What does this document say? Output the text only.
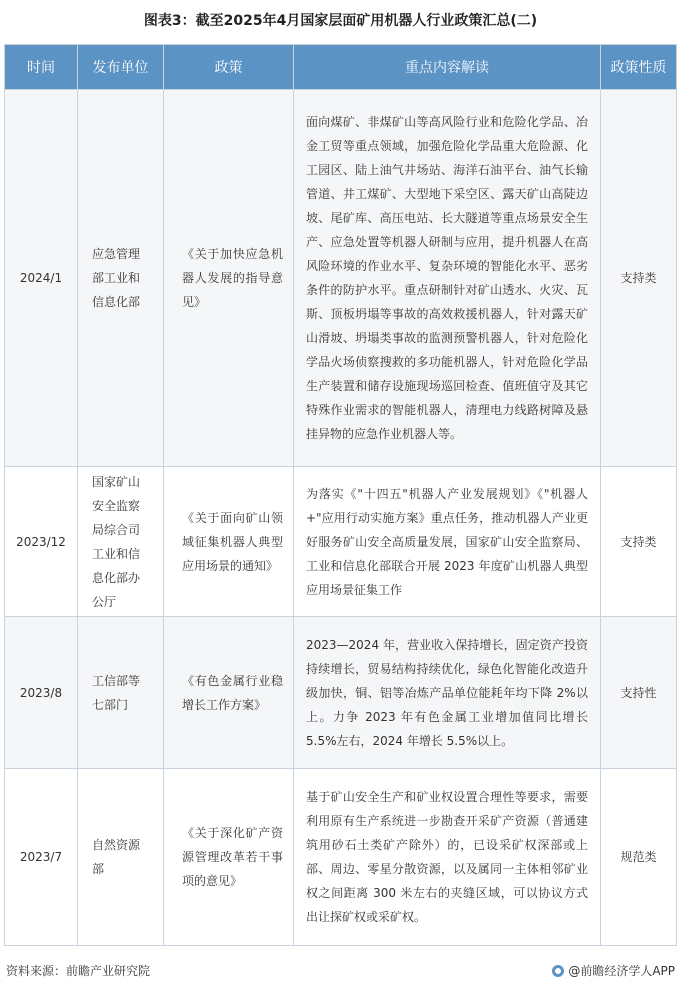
图表3：截至2025年4月国家层面矿用机器人行业政策汇总(二)
时间	发布单位	政策	重点内容解读	政策性质
2024/1	应急管理部工业和信息化部	《关于加快应急机器人发展的指导意见》	面向煤矿、非煤矿山等高风险行业和危险化学品、冶金工贸等重点领域，加强危险化学品重大危险源、化工园区、陆上油气井场站、海洋石油平台、油气长输管道、井工煤矿、大型地下采空区、露天矿山高陡边坡、尾矿库、高压电站、长大隧道等重点场景安全生产、应急处置等机器人研制与应用，提升机器人在高风险环境的作业水平、复杂环境的智能化水平、恶劣条件的防护水平。重点研制针对矿山透水、火灾、瓦斯、顶板坍塌等事故的高效救援机器人，针对露天矿山滑坡、坍塌类事故的监测预警机器人，针对危险化学品火场侦察搜救的多功能机器人，针对危险化学品生产装置和储存设施现场巡回检查、值班值守及其它特殊作业需求的智能机器人，清理电力线路树障及悬挂异物的应急作业机器人等。	支持类
2023/12	国家矿山安全监察局综合司工业和信息化部办公厅	《关于面向矿山领域征集机器人典型应用场景的通知》	为落实《"十四五"机器人产业发展规划》《"机器人+"应用行动实施方案》重点任务，推动机器人产业更好服务矿山安全高质量发展，国家矿山安全监察局、工业和信息化部联合开展 2023 年度矿山机器人典型应用场景征集工作	支持类
2023/8	工信部等七部门	《有色金属行业稳增长工作方案》	2023—2024 年，营业收入保持增长，固定资产投资持续增长，贸易结构持续优化，绿色化智能化改造升级加快，铜、铝等冶炼产品单位能耗年均下降 2%以上。力争 2023 年有色金属工业增加值同比增长 5.5%左右，2024 年增长 5.5%以上。	支持性
2023/7	自然资源部	《关于深化矿产资源管理改革若干事项的意见》	基于矿山安全生产和矿业权设置合理性等要求，需要利用原有生产系统进一步勘查开采矿产资源（普通建筑用砂石土类矿产除外）的，已设采矿权深部或上部、周边、零星分散资源，以及属同一主体相邻矿业权之间距离 300 米左右的夹缝区域，可以协议方式出让探矿权或采矿权。	规范类
资料来源：前瞻产业研究院	@前瞻经济学人APP
